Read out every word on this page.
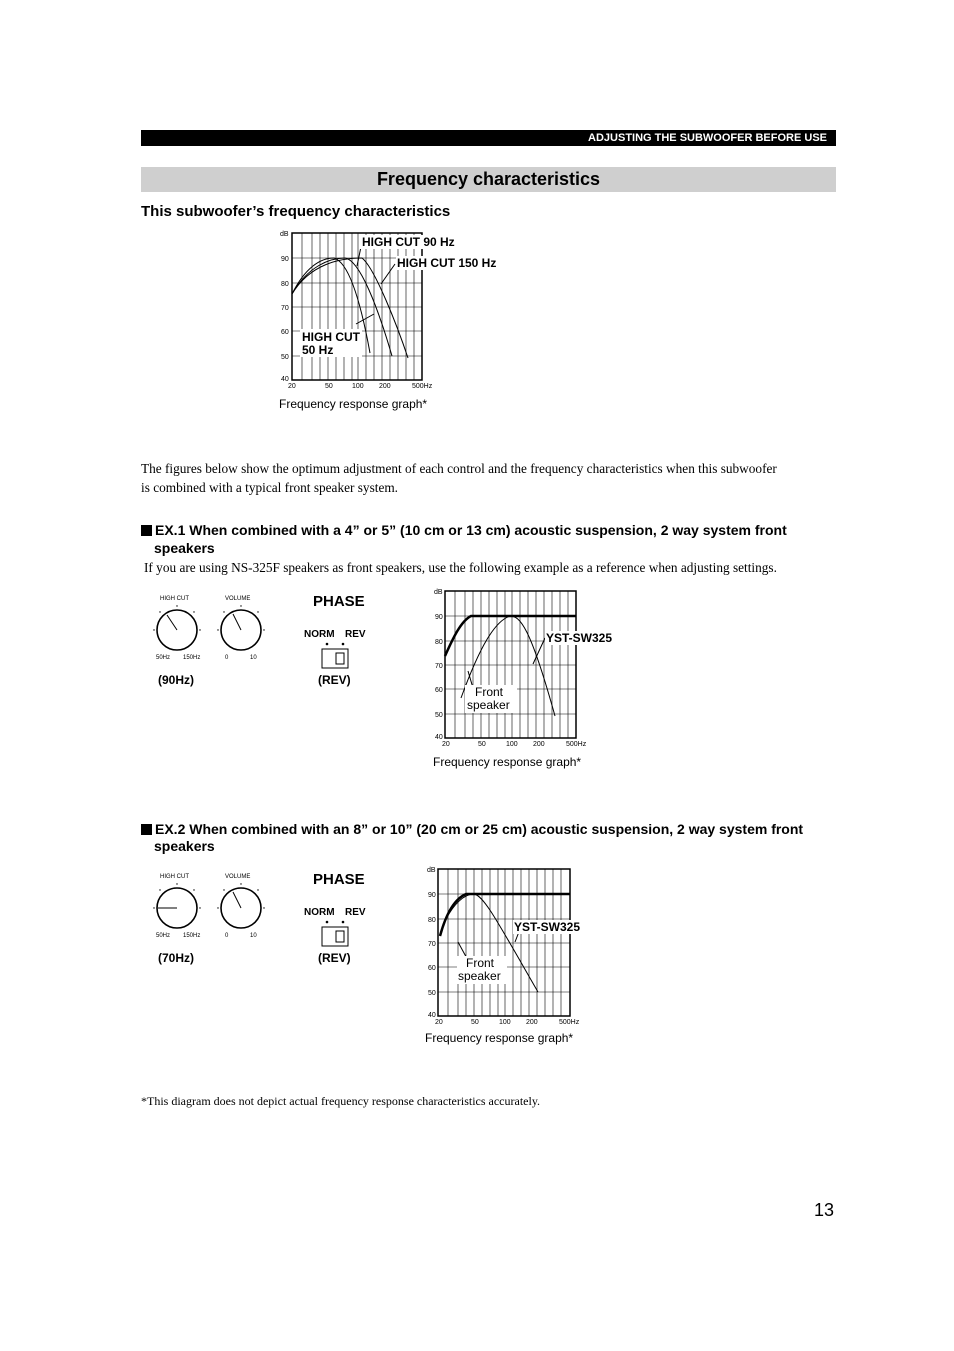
ADJUSTING THE SUBWOOFER BEFORE USE
Frequency characteristics
This subwoofer’s frequency characteristics
dB
90
80
70
60
50
40
20	50	100 200	500Hz
HIGH CUT 90 Hz
HIGH CUT 150 Hz
HIGH CUT
50 Hz
Frequency response graph*
The figures below show the optimum adjustment of each control and the frequency characteristics when this subwoofer
is combined with a typical front speaker system.
EX.1 When combined with a 4” or 5” (10 cm or 13 cm) acoustic suspension, 2 way system front
speakers
If you are using NS-325F speakers as front speakers, use the following example as a reference when adjusting settings.
HIGH CUT	VOLUME
50Hz 150Hz	0	10
(90Hz)
PHASE
NORM REV
(REV)
dB
90
80
70
60
50
40
20	50	100 200	500Hz
YST-SW325
Front
speaker
Frequency response graph*
EX.2 When combined with an 8” or 10” (20 cm or 25 cm) acoustic suspension, 2 way system front
speakers
HIGH CUT	VOLUME
50Hz 150Hz	0	10
(70Hz)
PHASE
NORM REV
(REV)
dB
90
80
70
60
50
40
20	50	100 200	500Hz
YST-SW325
Front
speaker
Frequency response graph*
*This diagram does not depict actual frequency response characteristics accurately.
13
